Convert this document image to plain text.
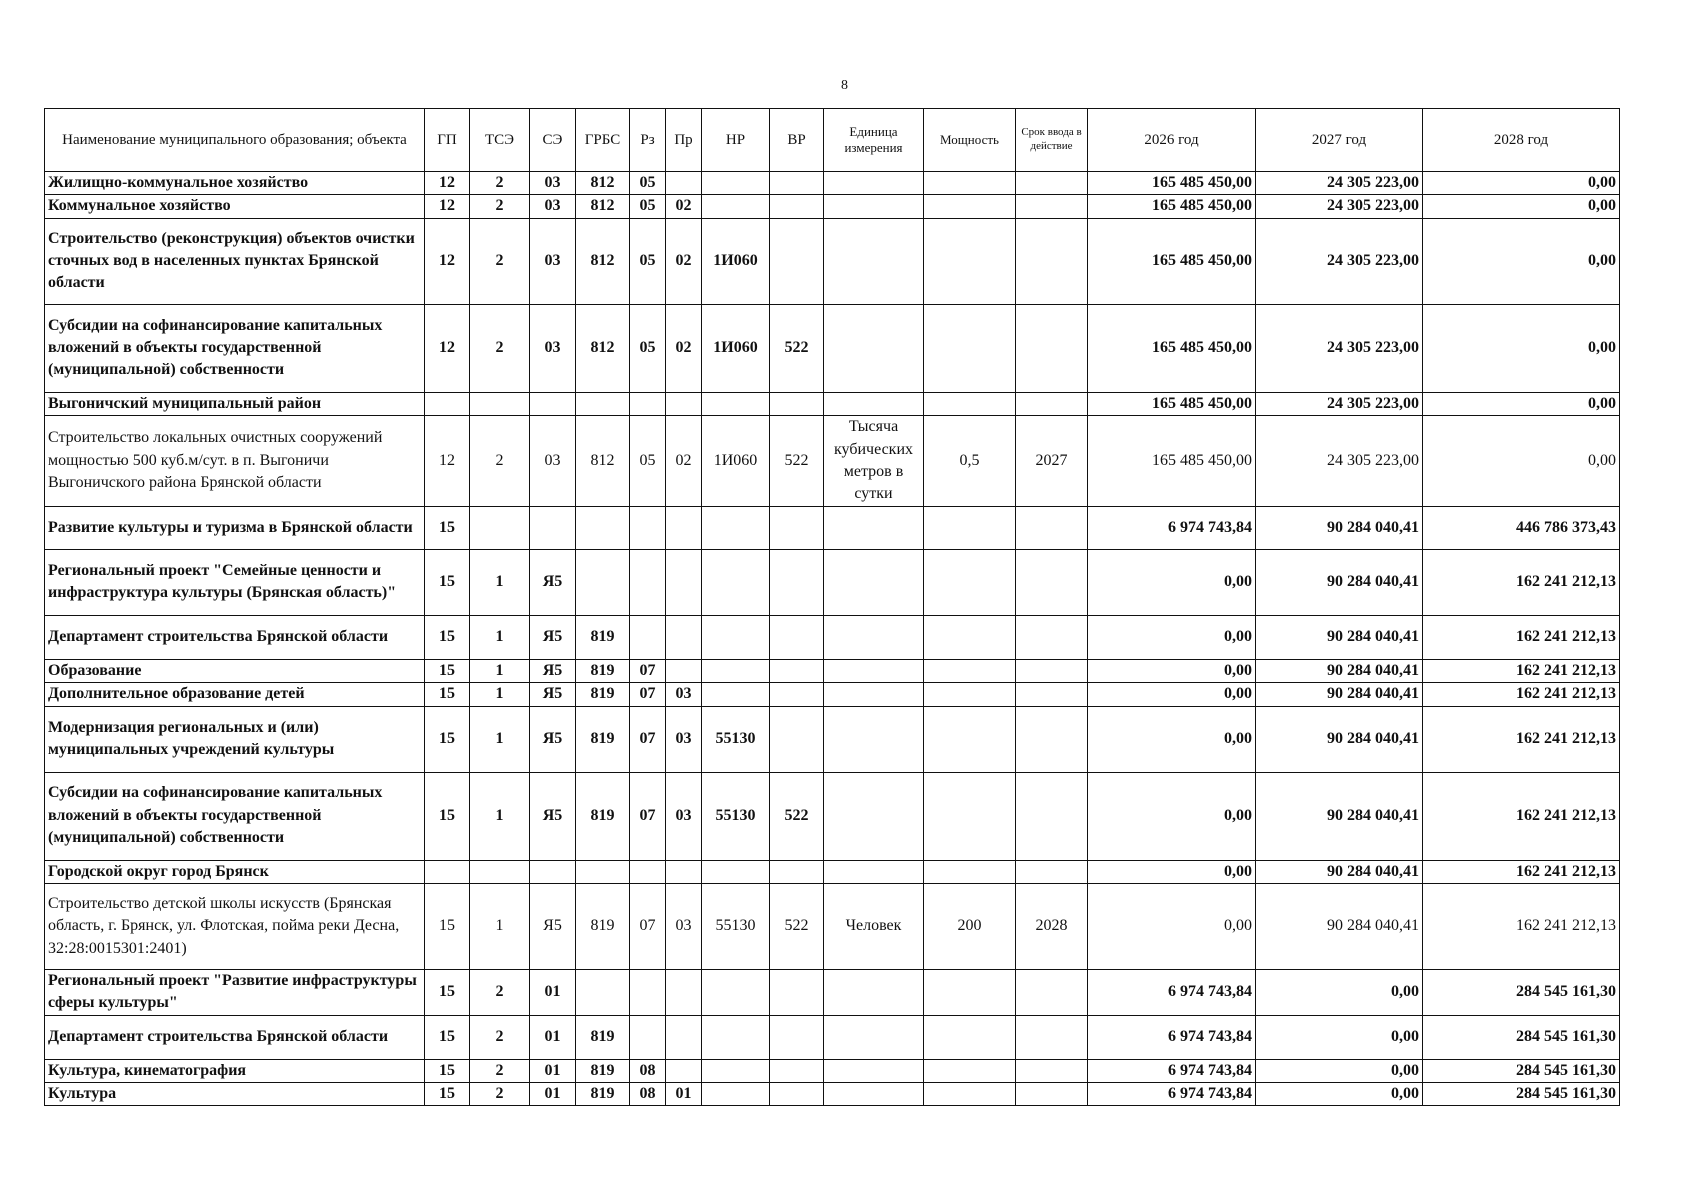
8
Наименование муниципального образования; объекта	ГП	ТСЭ	СЭ	ГРБС	Рз	Пр	НР	ВР	Единица измерения	Мощность	Срок ввода в действие	2026 год	2027 год	2028 год
Жилищно-коммунальное хозяйство	12	2	03	812	05							165 485 450,00	24 305 223,00	0,00
Коммунальное хозяйство	12	2	03	812	05	02						165 485 450,00	24 305 223,00	0,00
Строительство (реконструкция) объектов очистки сточных вод в населенных пунктах Брянской области	12	2	03	812	05	02	1И060					165 485 450,00	24 305 223,00	0,00
Субсидии на софинансирование капитальных вложений в объекты государственной (муниципальной) собственности	12	2	03	812	05	02	1И060	522				165 485 450,00	24 305 223,00	0,00
Выгоничский муниципальный район												165 485 450,00	24 305 223,00	0,00
Строительство локальных очистных сооружений мощностью 500 куб.м/сут. в п. Выгоничи Выгоничского района Брянской области	12	2	03	812	05	02	1И060	522	Тысяча кубических метров в сутки	0,5	2027	165 485 450,00	24 305 223,00	0,00
Развитие культуры и туризма в Брянской области	15											6 974 743,84	90 284 040,41	446 786 373,43
Региональный проект "Семейные ценности и инфраструктура культуры (Брянская область)"	15	1	Я5									0,00	90 284 040,41	162 241 212,13
Департамент строительства Брянской области	15	1	Я5	819								0,00	90 284 040,41	162 241 212,13
Образование	15	1	Я5	819	07							0,00	90 284 040,41	162 241 212,13
Дополнительное образование детей	15	1	Я5	819	07	03						0,00	90 284 040,41	162 241 212,13
Модернизация региональных и (или) муниципальных учреждений культуры	15	1	Я5	819	07	03	55130					0,00	90 284 040,41	162 241 212,13
Субсидии на софинансирование капитальных вложений в объекты государственной (муниципальной) собственности	15	1	Я5	819	07	03	55130	522				0,00	90 284 040,41	162 241 212,13
Городской округ город Брянск												0,00	90 284 040,41	162 241 212,13
Строительство детской школы искусств (Брянская область, г. Брянск, ул. Флотская, пойма реки Десна, 32:28:0015301:2401)	15	1	Я5	819	07	03	55130	522	Человек	200	2028	0,00	90 284 040,41	162 241 212,13
Региональный проект "Развитие инфраструктуры сферы культуры"	15	2	01									6 974 743,84	0,00	284 545 161,30
Департамент строительства Брянской области	15	2	01	819								6 974 743,84	0,00	284 545 161,30
Культура, кинематография	15	2	01	819	08							6 974 743,84	0,00	284 545 161,30
Культура	15	2	01	819	08	01						6 974 743,84	0,00	284 545 161,30
